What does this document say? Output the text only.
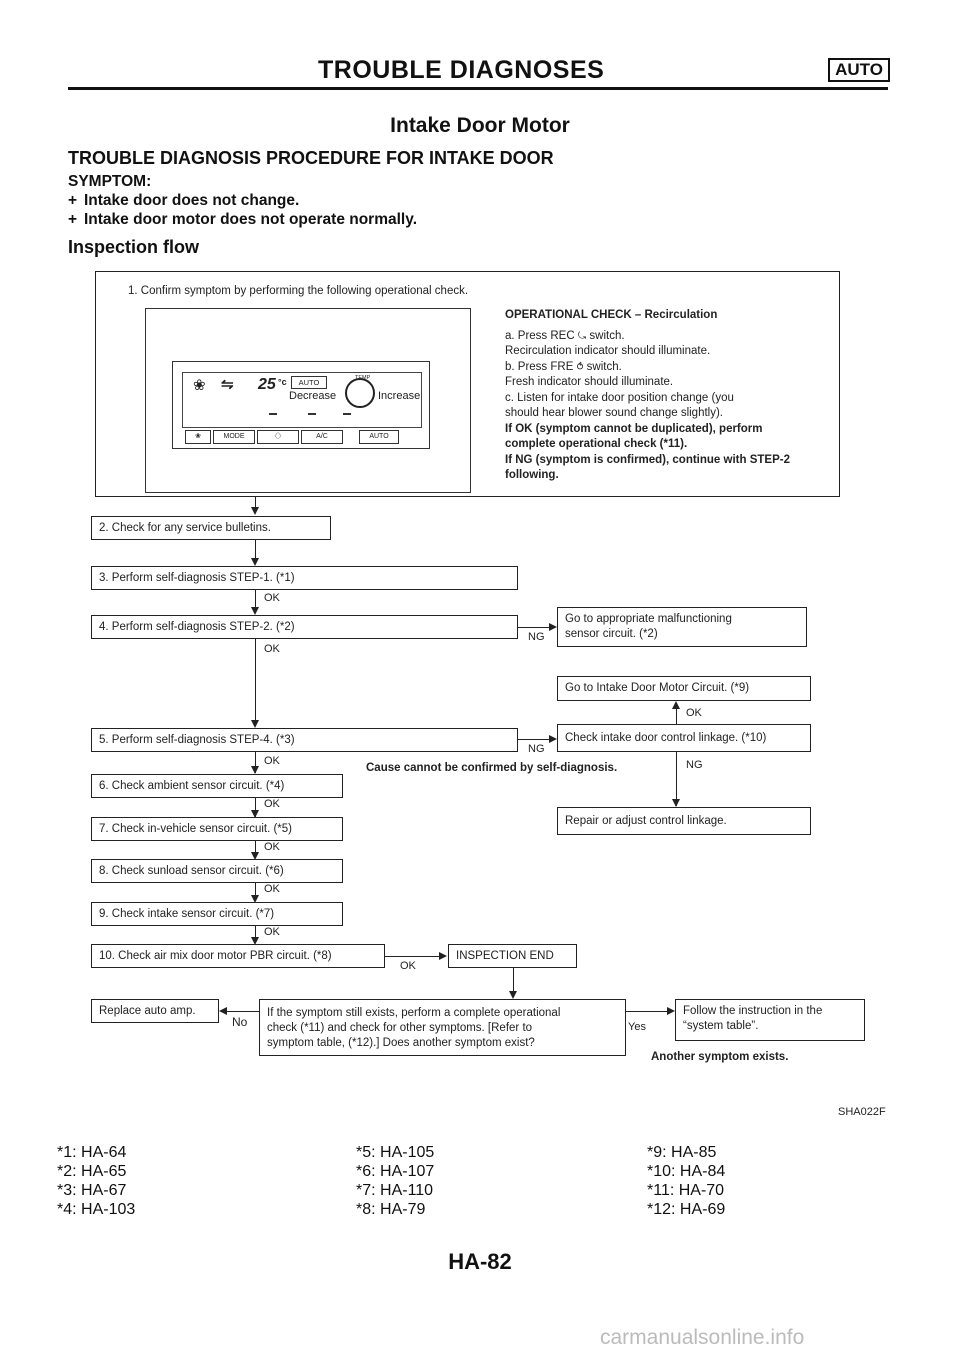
TROUBLE DIAGNOSES	AUTO
Intake Door Motor
TROUBLE DIAGNOSIS PROCEDURE FOR INTAKE DOOR
SYMPTOM:
+ Intake door does not change.
+ Intake door motor does not operate normally.
Inspection flow
1. Confirm symptom by performing the following operational check.
❀ ⇋ 25 °c	AUTO
Decrease
TEMP
Increase
❀	MODE	〈〉	A/C	AUTO
OPERATIONAL CHECK – Recirculation
a. Press REC ⤿ switch.
Recirculation indicator should illuminate.
b. Press FRE ⥀ switch.
Fresh indicator should illuminate.
c. Listen for intake door position change (you
should hear blower sound change slightly).
If OK (symptom cannot be duplicated), perform
complete operational check (*11).
If NG (symptom is confirmed), continue with STEP-2
following.
2. Check for any service bulletins.
3. Perform self-diagnosis STEP-1. (*1)
OK
4. Perform self-diagnosis STEP-2. (*2)
NG
Go to appropriate malfunctioning
sensor circuit. (*2)
OK
Go to Intake Door Motor Circuit. (*9)
OK
5. Perform self-diagnosis STEP-4. (*3)
NG
Check intake door control linkage. (*10)
Cause cannot be confirmed by self-diagnosis.	NG
Repair or adjust control linkage.
OK
6. Check ambient sensor circuit. (*4)
OK
7. Check in-vehicle sensor circuit. (*5)
OK
8. Check sunload sensor circuit. (*6)
OK
9. Check intake sensor circuit. (*7)
OK
10. Check air mix door motor PBR circuit. (*8)
OK
INSPECTION END
Replace auto amp.
No
If the symptom still exists, perform a complete operational
check (*11) and check for other symptoms. [Refer to
symptom table, (*12).] Does another symptom exist?
Yes
Follow the instruction in the
“system table”.
Another symptom exists.
SHA022F
*1: HA-64
*2: HA-65
*3: HA-67
*4: HA-103
*5: HA-105
*6: HA-107
*7: HA-110
*8: HA-79
*9: HA-85
*10: HA-84
*11: HA-70
*12: HA-69
HA-82
carmanualsonline.info
